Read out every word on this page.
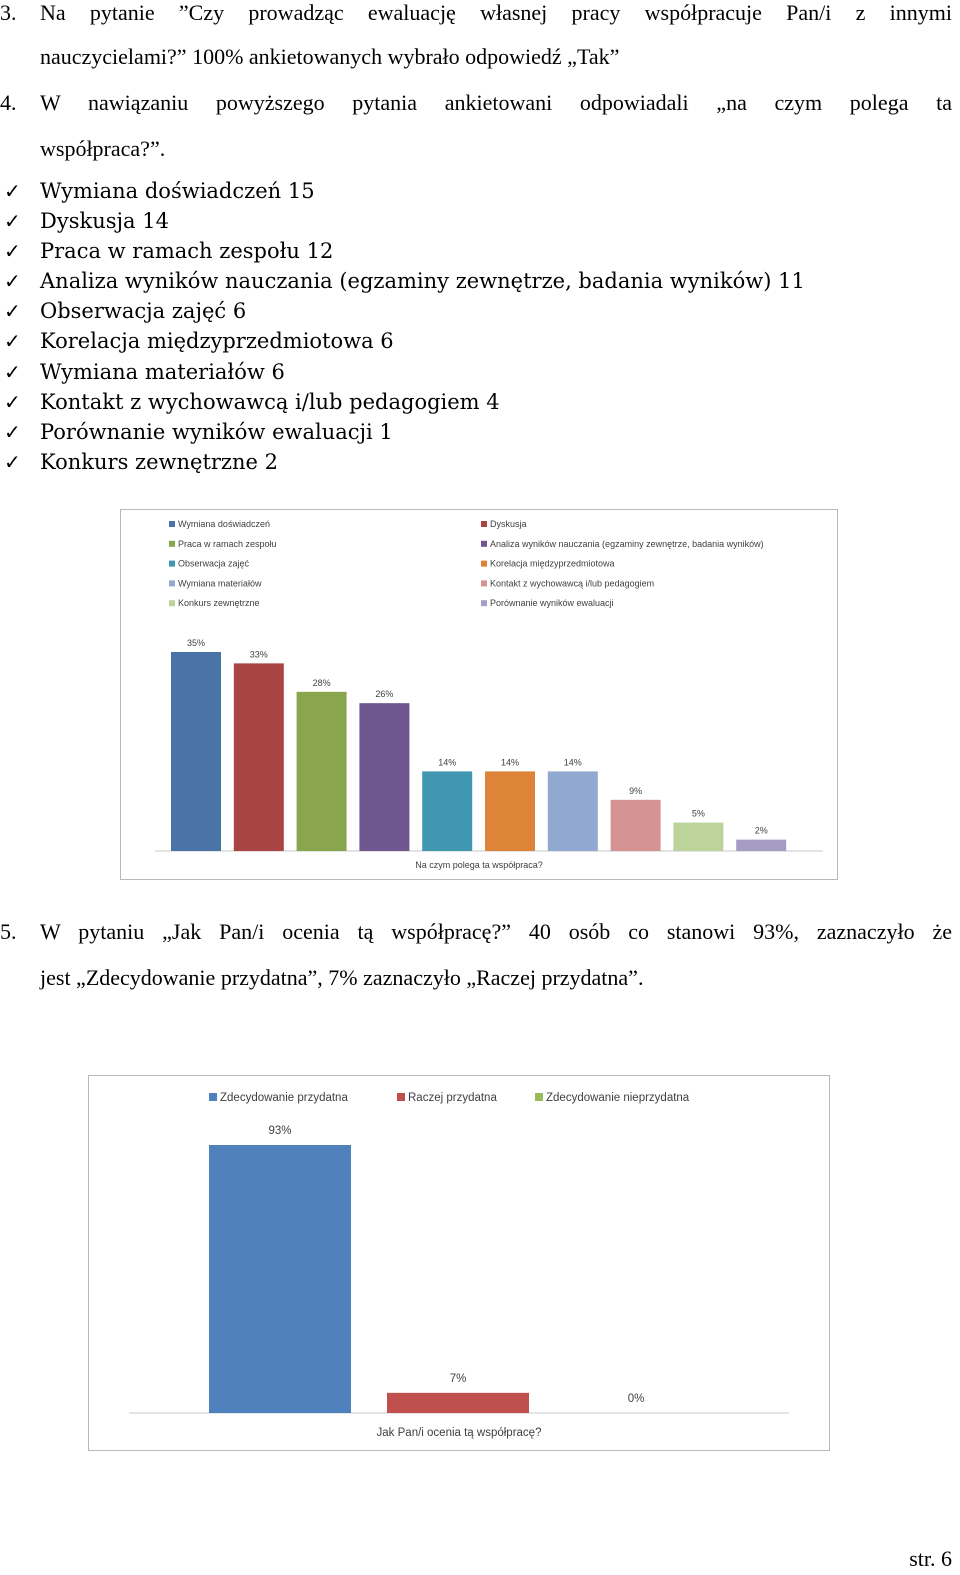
3.	Na pytanie ”Czy prowadząc ewaluację własnej pracy współpracuje Pan/i z innymi
nauczycielami?” 100% ankietowanych wybrało odpowiedź „Tak”
4.	W nawiązaniu powyższego pytania ankietowani odpowiadali „na czym polega ta
współpraca?”.
✓ Wymiana doświadczeń 15
✓ Dyskusja 14
✓ Praca w ramach zespołu 12
✓ Analiza wyników nauczania (egzaminy zewnętrze, badania wyników) 11
✓ Obserwacja zajęć 6
✓ Korelacja międzyprzedmiotowa 6
✓ Wymiana materiałów 6
✓ Kontakt z wychowawcą i/lub pedagogiem 4
✓ Porównanie wyników ewaluacji 1
✓ Konkurs zewnętrzne 2
Wymiana doświadczeń	Dyskusja
Praca w ramach zespołu	Analiza wyników nauczania (egzaminy zewnętrze, badania wyników)
Obserwacja zajęć	Korelacja międzyprzedmiotowa
Wymiana materiałów	Kontakt z wychowawcą i/lub pedagogiem
Konkurs zewnętrzne	Porównanie wyników ewaluacji
35%
33%
28%
26%
14%	14%	14%
9%
5%
2%
Na czym polega ta współpraca?
5.	W pytaniu „Jak Pan/i ocenia tą współpracę?” 40 osób co stanowi 93%, zaznaczyło że
jest „Zdecydowanie przydatna”, 7% zaznaczyło „Raczej przydatna”.
Zdecydowanie przydatna	Raczej przydatna	Zdecydowanie nieprzydatna
93%
7%
0%
Jak Pan/i ocenia tą współpracę?
str. 6
